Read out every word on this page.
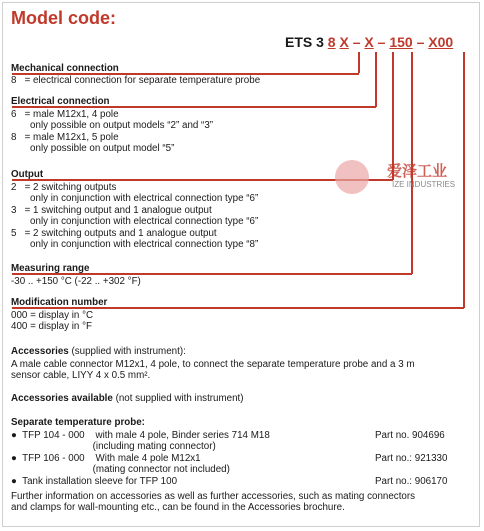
Model code:
ETS 3 8 X – X – 150 – X00
爱泽工业
IZE INDUSTRIES
Mechanical connection
8   = electrical connection for separate temperature probe
Electrical connection
6   = male M12x1, 4 pole
only possible on output models “2” and “3”
8   = male M12x1, 5 pole
only possible on output model “5”
Output
2   = 2 switching outputs
only in conjunction with electrical connection type “6”
3   = 1 switching output and 1 analogue output
only in conjunction with electrical connection type “6”
5   = 2 switching outputs and 1 analogue output
only in conjunction with electrical connection type “8”
Measuring range
-30 .. +150 °C (-22 .. +302 °F)
Modification number
000 = display in °C
400 = display in °F
Accessories (supplied with instrument):
A male cable connector M12x1, 4 pole, to connect the separate temperature probe and a 3 m
sensor cable, LIYY 4 x 0.5 mm².
Accessories available (not supplied with instrument)
Separate temperature probe:
●  TFP 104 - 000    with male 4 pole, Binder series 714 M18	Part no. 904696
(including mating connector)
●  TFP 106 - 000    With male 4 pole M12x1	Part no.: 921330
(mating connector not included)
●  Tank installation sleeve for TFP 100	Part no.: 906170
Further information on accessories as well as further accessories, such as mating connectors
and clamps for wall-mounting etc., can be found in the Accessories brochure.
